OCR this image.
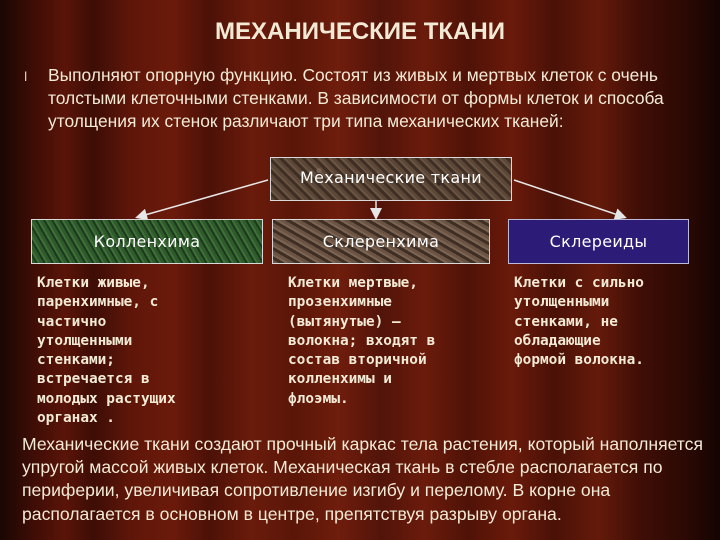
МЕХАНИЧЕСКИЕ ТКАНИ
l	Выполняют опорную функцию. Состоят из живых и мертвых клеток с очень толстыми клеточными стенками. В зависимости от формы клеток и способа утолщения их стенок различают три типа механических тканей:
Механические ткани
Колленхима	Склеренхима	Склереиды
Клетки живые,
паренхимные, с
частично
утолщенными
стенками;
встречается в
молодых растущих
органах .
Клетки мертвые,
прозенхимные
(вытянутые) –
волокна; входят в
состав вторичной
колленхимы и
флоэмы.
Клетки с сильно
утолщенными
стенками, не
обладающие
формой волокна.
Механические ткани создают прочный каркас тела растения, который наполняется упругой массой живых клеток. Механическая ткань в стебле располагается по периферии, увеличивая сопротивление изгибу и перелому. В корне она располагается в основном в центре, препятствуя разрыву органа.
